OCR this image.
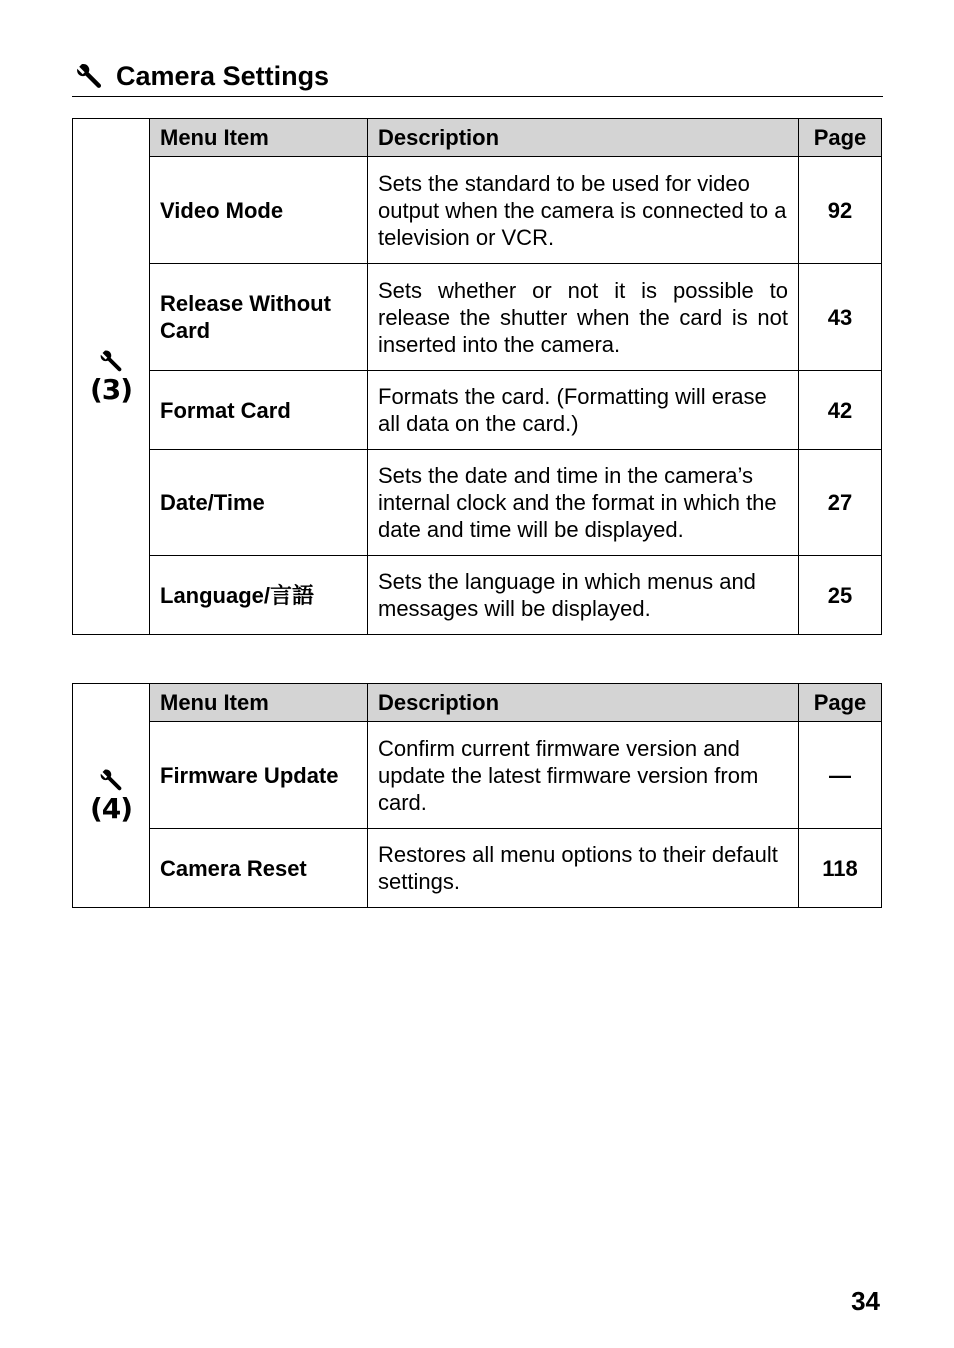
Camera Settings
(3)	Menu Item	Description	Page
	Video Mode	Sets the standard to be used for video output when the camera is connected to a television or VCR.	92
	Release Without Card	Sets whether or not it is possible to release the shutter when the card is not inserted into the camera.	43
	Format Card	Formats the card. (Formatting will erase all data on the card.)	42
	Date/Time	Sets the date and time in the camera’s internal clock and the format in which the date and time will be displayed.	27
	Language/言語	Sets the language in which menus and messages will be displayed.	25
(4)	Menu Item	Description	Page
	Firmware Update	Confirm current firmware version and update the latest firmware version from card.	—
	Camera Reset	Restores all menu options to their default settings.	118
34
